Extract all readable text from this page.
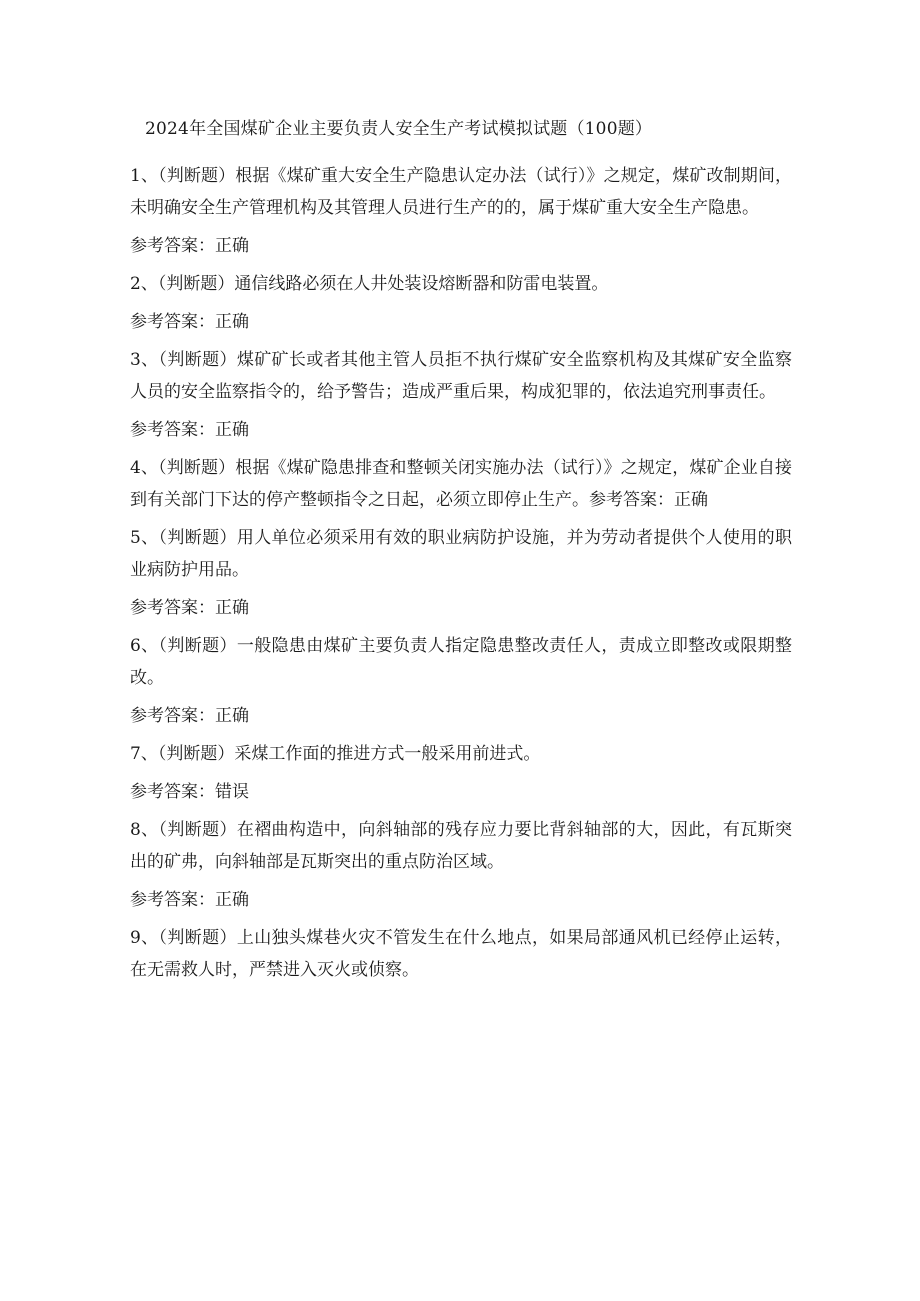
2024年全国煤矿企业主要负责人安全生产考试模拟试题（100题）
1、（判断题）根据《煤矿重大安全生产隐患认定办法（试行）》之规定，煤矿改制期间，未明确安全生产管理机构及其管理人员进行生产的的，属于煤矿重大安全生产隐患。
参考答案：正确
2、（判断题）通信线路必须在人井处装设熔断器和防雷电装置。
参考答案：正确
3、（判断题）煤矿矿长或者其他主管人员拒不执行煤矿安全监察机构及其煤矿安全监察人员的安全监察指令的，给予警告；造成严重后果，构成犯罪的，依法追究刑事责任。
参考答案：正确
4、（判断题）根据《煤矿隐患排查和整顿关闭实施办法（试行）》之规定，煤矿企业自接到有关部门下达的停产整顿指令之日起，必须立即停止生产。参考答案：正确
5、（判断题）用人单位必须采用有效的职业病防护设施，并为劳动者提供个人使用的职业病防护用品。
参考答案：正确
6、（判断题）一般隐患由煤矿主要负责人指定隐患整改责任人，责成立即整改或限期整改。
参考答案：正确
7、（判断题）采煤工作面的推进方式一般采用前进式。
参考答案：错误
8、（判断题）在褶曲构造中，向斜轴部的残存应力要比背斜轴部的大，因此，有瓦斯突出的矿弗，向斜轴部是瓦斯突出的重点防治区域。
参考答案：正确
9、（判断题）上山独头煤巷火灾不管发生在什么地点，如果局部通风机已经停止运转，在无需救人时，严禁进入灭火或侦察。
